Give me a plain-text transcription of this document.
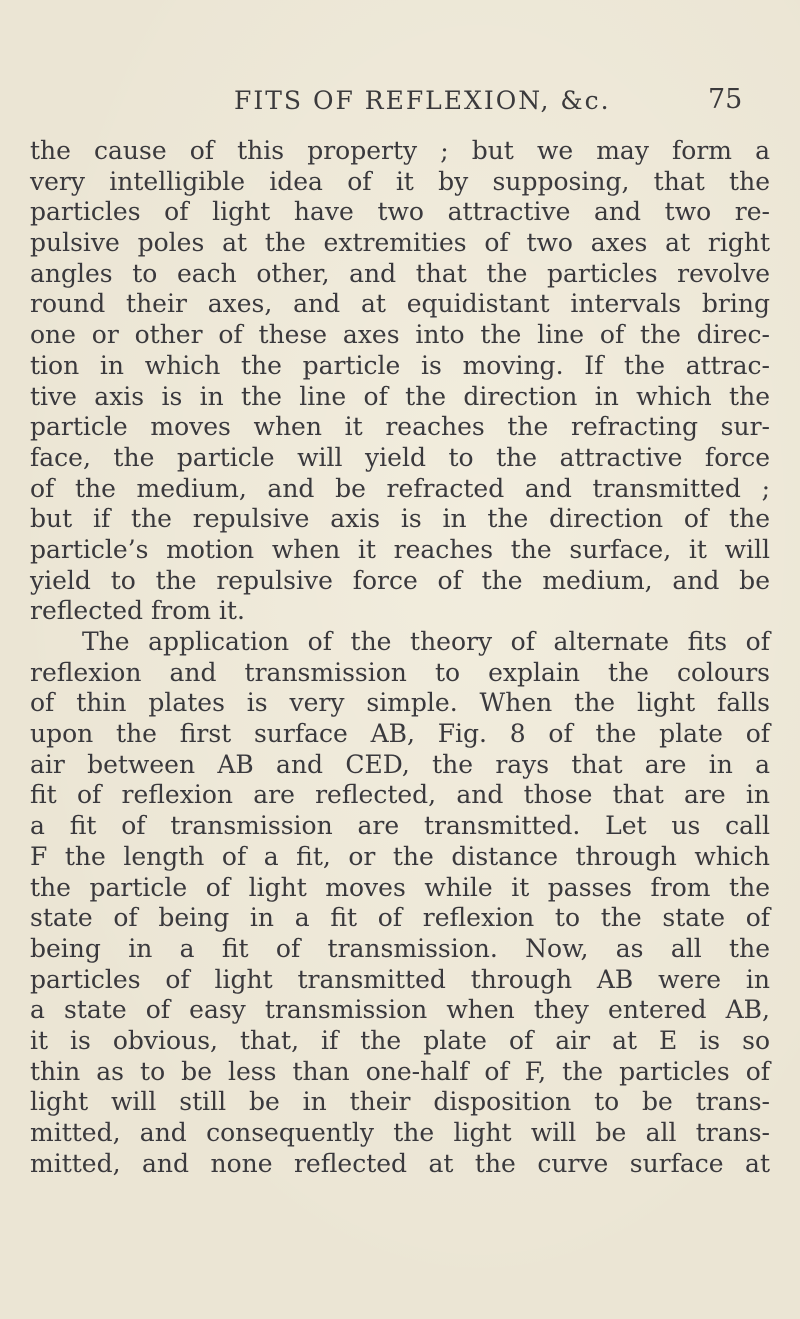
FITS OF REFLEXION, &c.	75
the cause of this property ; but we may form a
very intelligible idea of it by supposing, that the
particles of light have two attractive and two re-
pulsive poles at the extremities of two axes at right
angles to each other, and that the particles revolve
round their axes, and at equidistant intervals bring
one or other of these axes into the line of the direc-
tion in which the particle is moving. If the attrac-
tive axis is in the line of the direction in which the
particle moves when it reaches the refracting sur-
face, the particle will yield to the attractive force
of the medium, and be refracted and transmitted ;
but if the repulsive axis is in the direction of the
particle’s motion when it reaches the surface, it will
yield to the repulsive force of the medium, and be
reflected from it.
The application of the theory of alternate fits of
reflexion and transmission to explain the colours
of thin plates is very simple. When the light falls
upon the first surface AB, Fig. 8 of the plate of
air between AB and CED, the rays that are in a
fit of reflexion are reflected, and those that are in
a fit of transmission are transmitted. Let us call
F the length of a fit, or the distance through which
the particle of light moves while it passes from the
state of being in a fit of reflexion to the state of
being in a fit of transmission. Now, as all the
particles of light transmitted through AB were in
a state of easy transmission when they entered AB,
it is obvious, that, if the plate of air at E is so
thin as to be less than one-half of F, the particles of
light will still be in their disposition to be trans-
mitted, and consequently the light will be all trans-
mitted, and none reflected at the curve surface at
